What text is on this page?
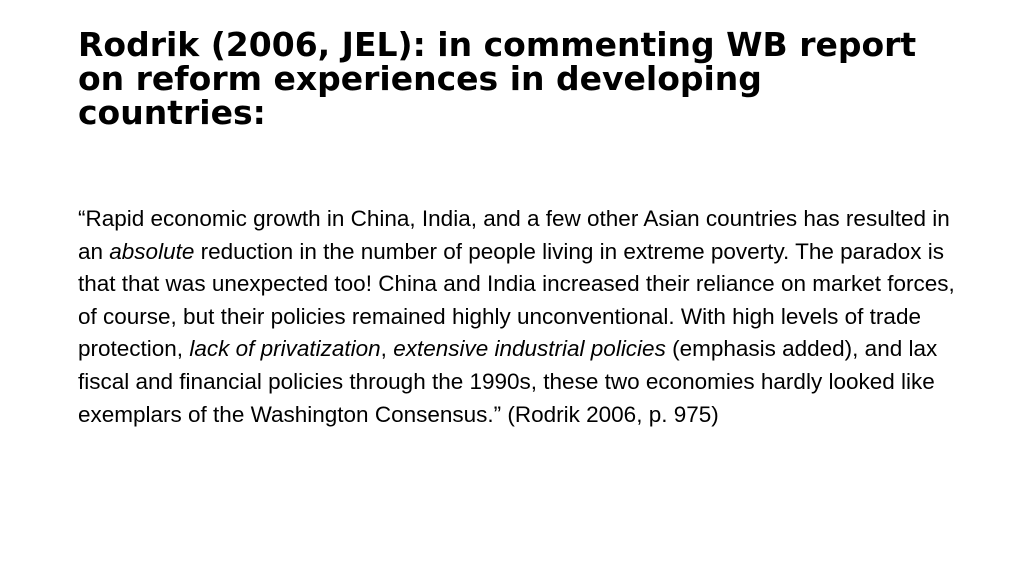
Rodrik (2006, JEL): in commenting WB report on reform experiences in developing countries:

“Rapid economic growth in China, India, and a few other Asian countries has resulted in an absolute reduction in the number of people living in extreme poverty. The paradox is that that was unexpected too! China and India increased their reliance on market forces, of course, but their policies remained highly unconventional. With high levels of trade protection, lack of privatization, extensive industrial policies (emphasis added), and lax fiscal and financial policies through the 1990s, these two economies hardly looked like exemplars of the Washington Consensus.” (Rodrik 2006, p. 975)
